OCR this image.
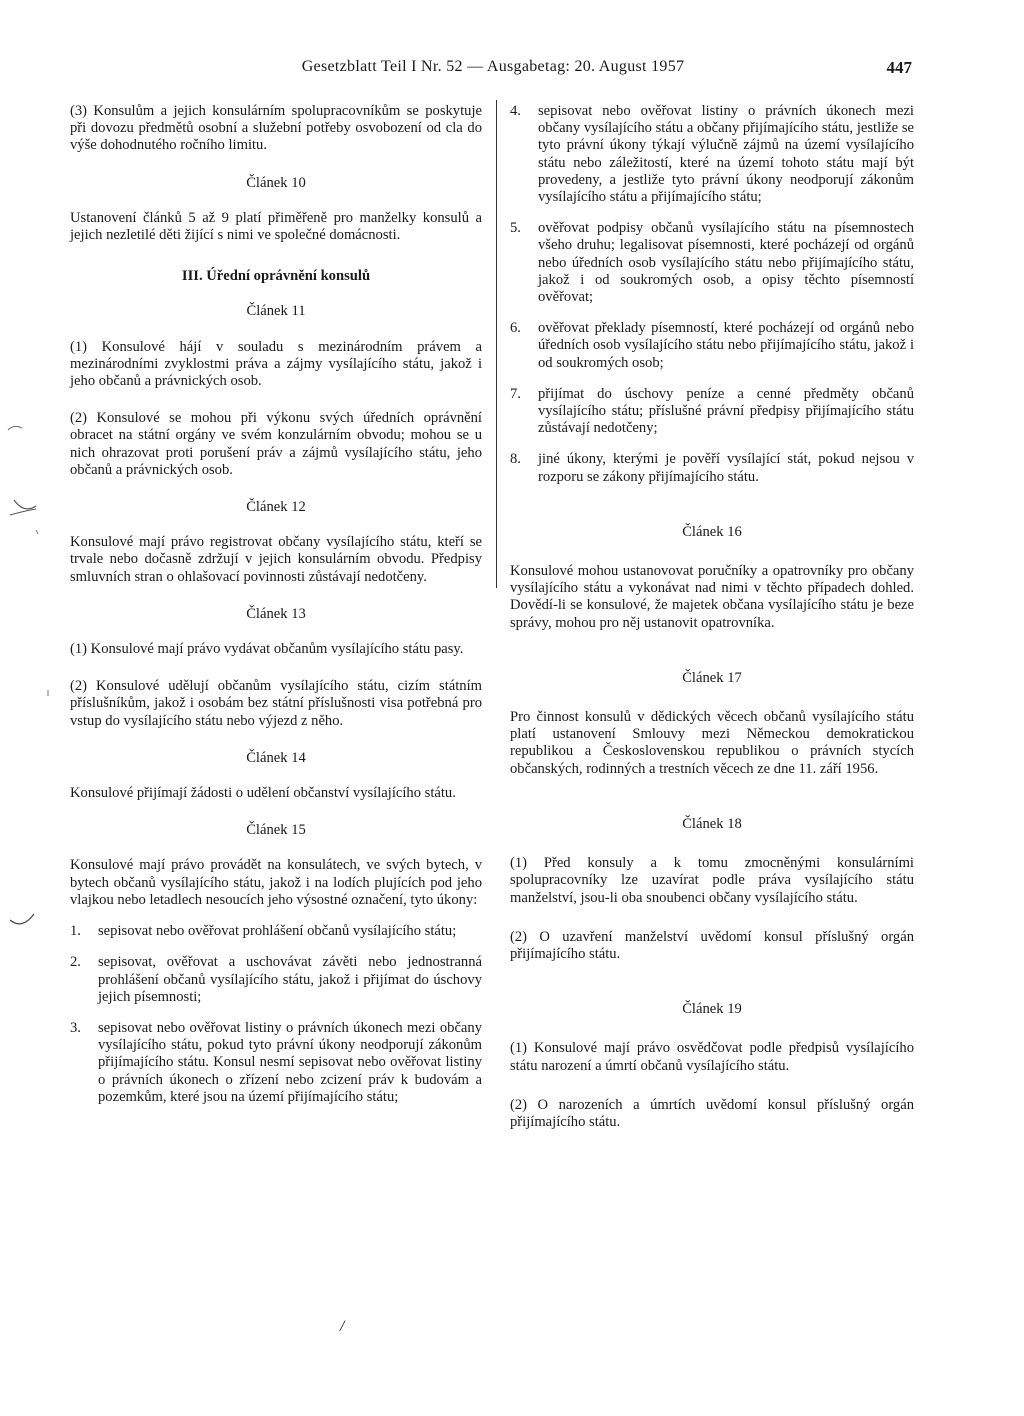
Gesetzblatt Teil I Nr. 52 — Ausgabetag: 20. August 1957	447

(3) Konsulům a jejich konsulárním spolupracovníkům se poskytuje při dovozu předmětů osobní a služební potřeby osvobození od cla do výše dohodnutého ročního limitu.

Článek 10

Ustanovení článků 5 až 9 platí přiměřeně pro manželky konsulů a jejich nezletilé děti žijící s nimi ve společné domácnosti.

III. Úřední oprávnění konsulů

Článek 11

(1) Konsulové hájí v souladu s mezinárodním právem a mezinárodními zvyklostmi práva a zájmy vysílajícího státu, jakož i jeho občanů a právnických osob.

(2) Konsulové se mohou při výkonu svých úředních oprávnění obracet na státní orgány ve svém konzulárním obvodu; mohou se u nich ohrazovat proti porušení práv a zájmů vysílajícího státu, jeho občanů a právnických osob.

Článek 12

Konsulové mají právo registrovat občany vysílajícího státu, kteří se trvale nebo dočasně zdržují v jejich konsulárním obvodu. Předpisy smluvních stran o ohlašovací povinnosti zůstávají nedotčeny.

Článek 13

(1) Konsulové mají právo vydávat občanům vysílajícího státu pasy.

(2) Konsulové udělují občanům vysílajícího státu, cizím státním příslušníkům, jakož i osobám bez státní příslušnosti visa potřebná pro vstup do vysílajícího státu nebo výjezd z něho.

Článek 14

Konsulové přijímají žádosti o udělení občanství vysílajícího státu.

Článek 15

Konsulové mají právo provádět na konsulátech, ve svých bytech, v bytech občanů vysílajícího státu, jakož i na lodích plujících pod jeho vlajkou nebo letadlech nesoucích jeho výsostné označení, tyto úkony:

1. sepisovat nebo ověřovat prohlášení občanů vysílajícího státu;
2. sepisovat, ověřovat a uschovávat závěti nebo jednostranná prohlášení občanů vysílajícího státu, jakož i přijímat do úschovy jejich písemnosti;
3. sepisovat nebo ověřovat listiny o právních úkonech mezi občany vysílajícího státu, pokud tyto právní úkony neodporují zákonům přijímajícího státu. Konsul nesmí sepisovat nebo ověřovat listiny o právních úkonech o zřízení nebo zcizení práv k budovám a pozemkům, které jsou na území přijímajícího státu;
4. sepisovat nebo ověřovat listiny o právních úkonech mezi občany vysílajícího státu a občany přijímajícího státu, jestliže se tyto právní úkony týkají výlučně zájmů na území vysílajícího státu nebo záležitostí, které na území tohoto státu mají být provedeny, a jestliže tyto právní úkony neodporují zákonům vysílajícího státu a přijímajícího státu;
5. ověřovat podpisy občanů vysílajícího státu na písemnostech všeho druhu; legalisovat písemnosti, které pocházejí od orgánů nebo úředních osob vysílajícího státu nebo přijímajícího státu, jakož i od soukromých osob, a opisy těchto písemností ověřovat;
6. ověřovat překlady písemností, které pocházejí od orgánů nebo úředních osob vysílajícího státu nebo přijímajícího státu, jakož i od soukromých osob;
7. přijímat do úschovy peníze a cenné předměty občanů vysílajícího státu; příslušné právní předpisy přijímajícího státu zůstávají nedotčeny;
8. jiné úkony, kterými je pověří vysílající stát, pokud nejsou v rozporu se zákony přijímajícího státu.

Článek 16

Konsulové mohou ustanovovat poručníky a opatrovníky pro občany vysílajícího státu a vykonávat nad nimi v těchto případech dohled. Dovědí-li se konsulové, že majetek občana vysílajícího státu je beze správy, mohou pro něj ustanovit opatrovníka.

Článek 17

Pro činnost konsulů v dědických věcech občanů vysílajícího státu platí ustanovení Smlouvy mezi Německou demokratickou republikou a Československou republikou o právních stycích občanských, rodinných a trestních věcech ze dne 11. září 1956.

Článek 18

(1) Před konsuly a k tomu zmocněnými konsulárními spolupracovníky lze uzavírat podle práva vysílajícího státu manželství, jsou-li oba snoubenci občany vysílajícího státu.

(2) O uzavření manželství uvědomí konsul příslušný orgán přijímajícího státu.

Článek 19

(1) Konsulové mají právo osvědčovat podle předpisů vysílajícího státu narození a úmrtí občanů vysílajícího státu.

(2) O narozeních a úmrtích uvědomí konsul příslušný orgán přijímajícího státu.

/
